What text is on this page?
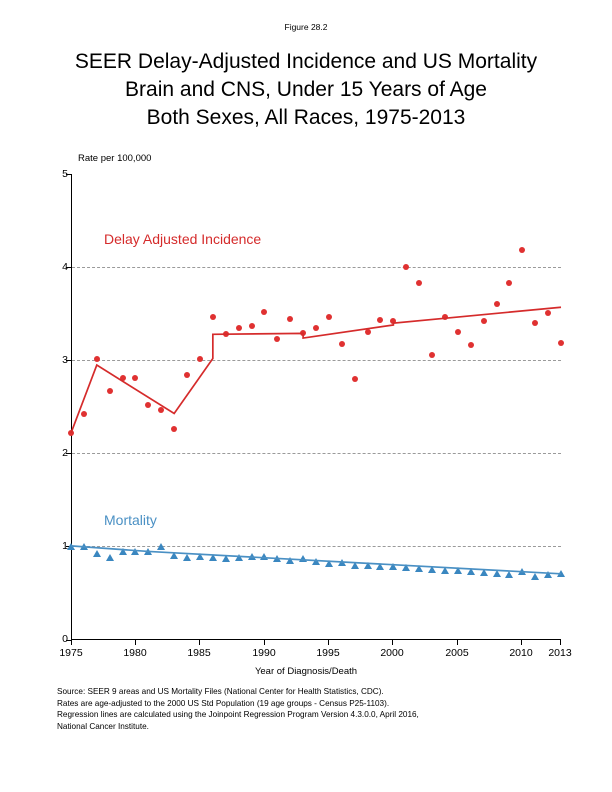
Figure 28.2
SEER Delay-Adjusted Incidence and US Mortality
Brain and CNS, Under 15 Years of Age
Both Sexes, All Races, 1975-2013
Rate per 100,000
5
4
3
2
1
0
1975	1980	1985	1990	1995	2000	2005	2010	2013
Year of Diagnosis/Death
Delay Adjusted Incidence
Mortality
Source: SEER 9 areas and US Mortality Files (National Center for Health Statistics, CDC).
Rates are age-adjusted to the 2000 US Std Population (19 age groups - Census P25-1103).
Regression lines are calculated using the Joinpoint Regression Program Version 4.3.0.0, April 2016,
National Cancer Institute.
